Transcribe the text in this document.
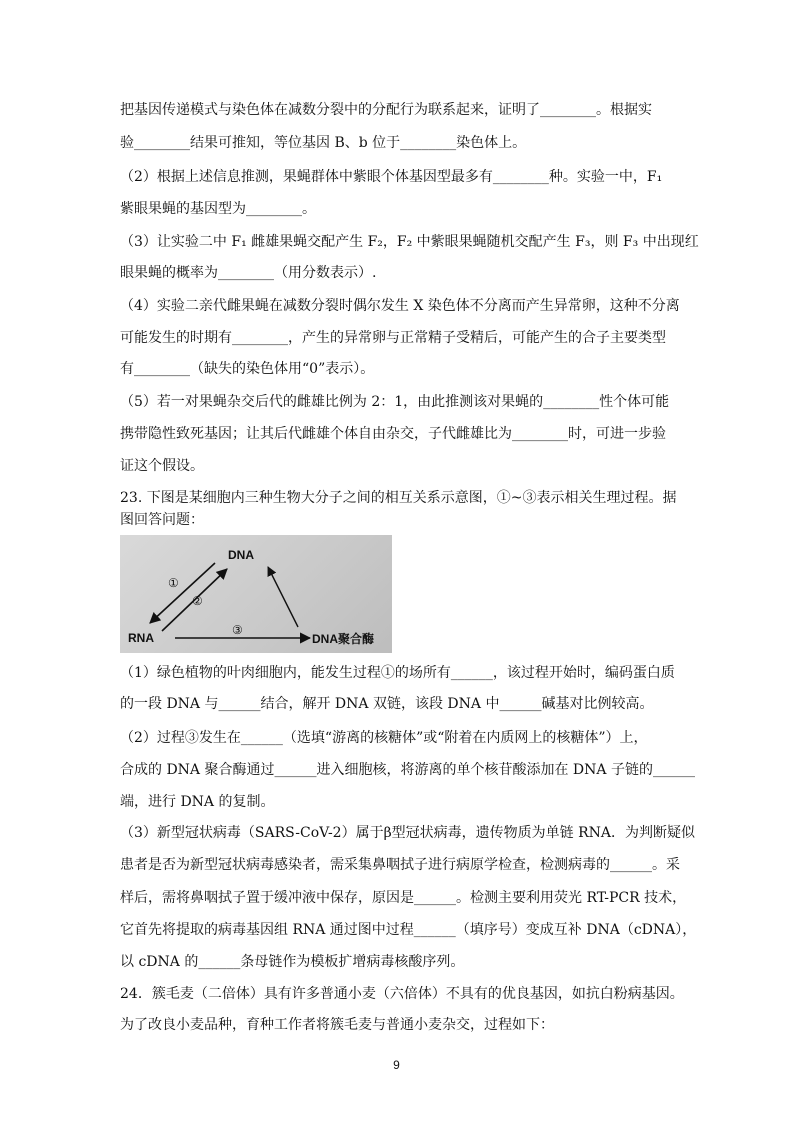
把基因传递模式与染色体在减数分裂中的分配行为联系起来，证明了________。根据实
验________结果可推知，等位基因 B、b 位于________染色体上。
（2）根据上述信息推测，果蝇群体中紫眼个体基因型最多有________种。实验一中，F₁
紫眼果蝇的基因型为________。
（3）让实验二中 F₁ 雌雄果蝇交配产生 F₂，F₂ 中紫眼果蝇随机交配产生 F₃，则 F₃ 中出现红
眼果蝇的概率为________（用分数表示）.
（4）实验二亲代雌果蝇在减数分裂时偶尔发生 X 染色体不分离而产生异常卵，这种不分离
可能发生的时期有________，产生的异常卵与正常精子受精后，可能产生的合子主要类型
有________（缺失的染色体用“0”表示）。
（5）若一对果蝇杂交后代的雌雄比例为 2：1，由此推测该对果蝇的________性个体可能
携带隐性致死基因；让其后代雌雄个体自由杂交，子代雌雄比为________时，可进一步验
证这个假设。
23. 下图是某细胞内三种生物大分子之间的相互关系示意图，①~③表示相关生理过程。据
图回答问题：
DNA
RNA	DNA聚合酶
①
②
③
（1）绿色植物的叶肉细胞内，能发生过程①的场所有______，该过程开始时，编码蛋白质
的一段 DNA 与______结合，解开 DNA 双链，该段 DNA 中______碱基对比例较高。
（2）过程③发生在______（选填“游离的核糖体”或“附着在内质网上的核糖体”）上，
合成的 DNA 聚合酶通过______进入细胞核，将游离的单个核苷酸添加在 DNA 子链的______
端，进行 DNA 的复制。
（3）新型冠状病毒（SARS-CoV-2）属于β型冠状病毒，遗传物质为单链 RNA．为判断疑似
患者是否为新型冠状病毒感染者，需采集鼻咽拭子进行病原学检查，检测病毒的______。采
样后，需将鼻咽拭子置于缓冲液中保存，原因是______。检测主要利用荧光 RT-PCR 技术，
它首先将提取的病毒基因组 RNA 通过图中过程______（填序号）变成互补 DNA（cDNA），
以 cDNA 的______条母链作为模板扩增病毒核酸序列。
24．簇毛麦（二倍体）具有许多普通小麦（六倍体）不具有的优良基因，如抗白粉病基因。
为了改良小麦品种，育种工作者将簇毛麦与普通小麦杂交，过程如下：
9
